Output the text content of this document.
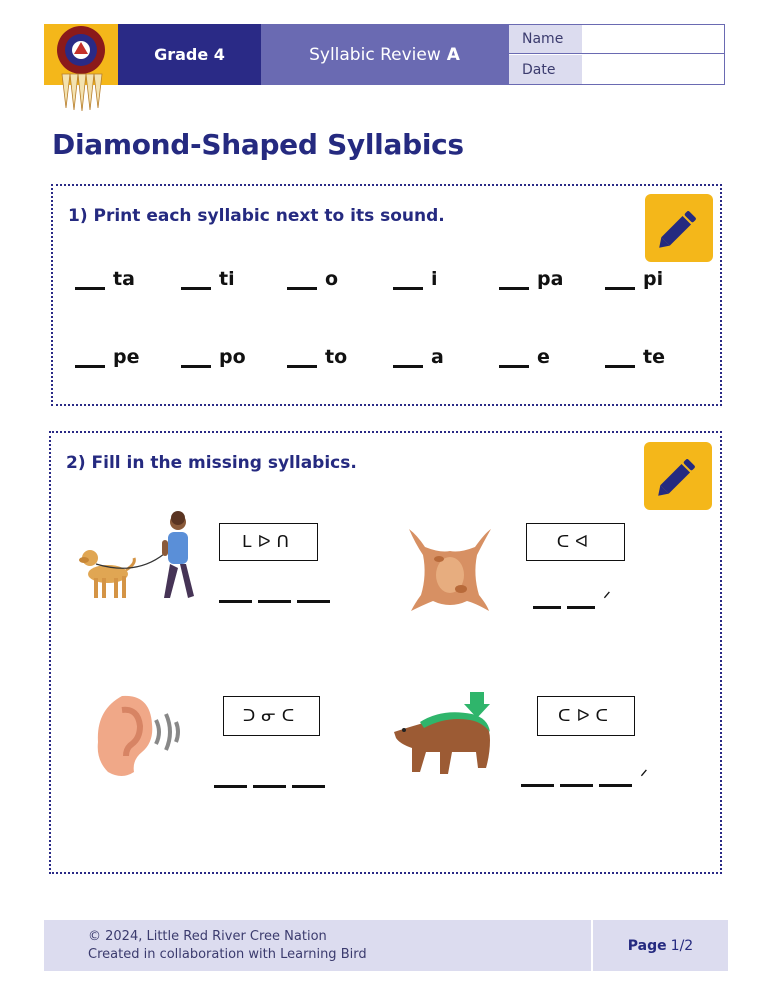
Grade 4	Syllabic Review A
Name
Date
Diamond-Shaped Syllabics
1) Print each syllabic next to its sound.
ta	ti	o	i	pa	pi
pe	po	to	a	e	te
2) Fill in the missing syllabics.
ᒪᐅᑎ	ᑕᐊ
ᐟ
ᑐᓂᑕ	ᑕᐅᑕ
ᐟ
© 2024, Little Red River Cree Nation
Created in collaboration with Learning Bird
Page 1/2
